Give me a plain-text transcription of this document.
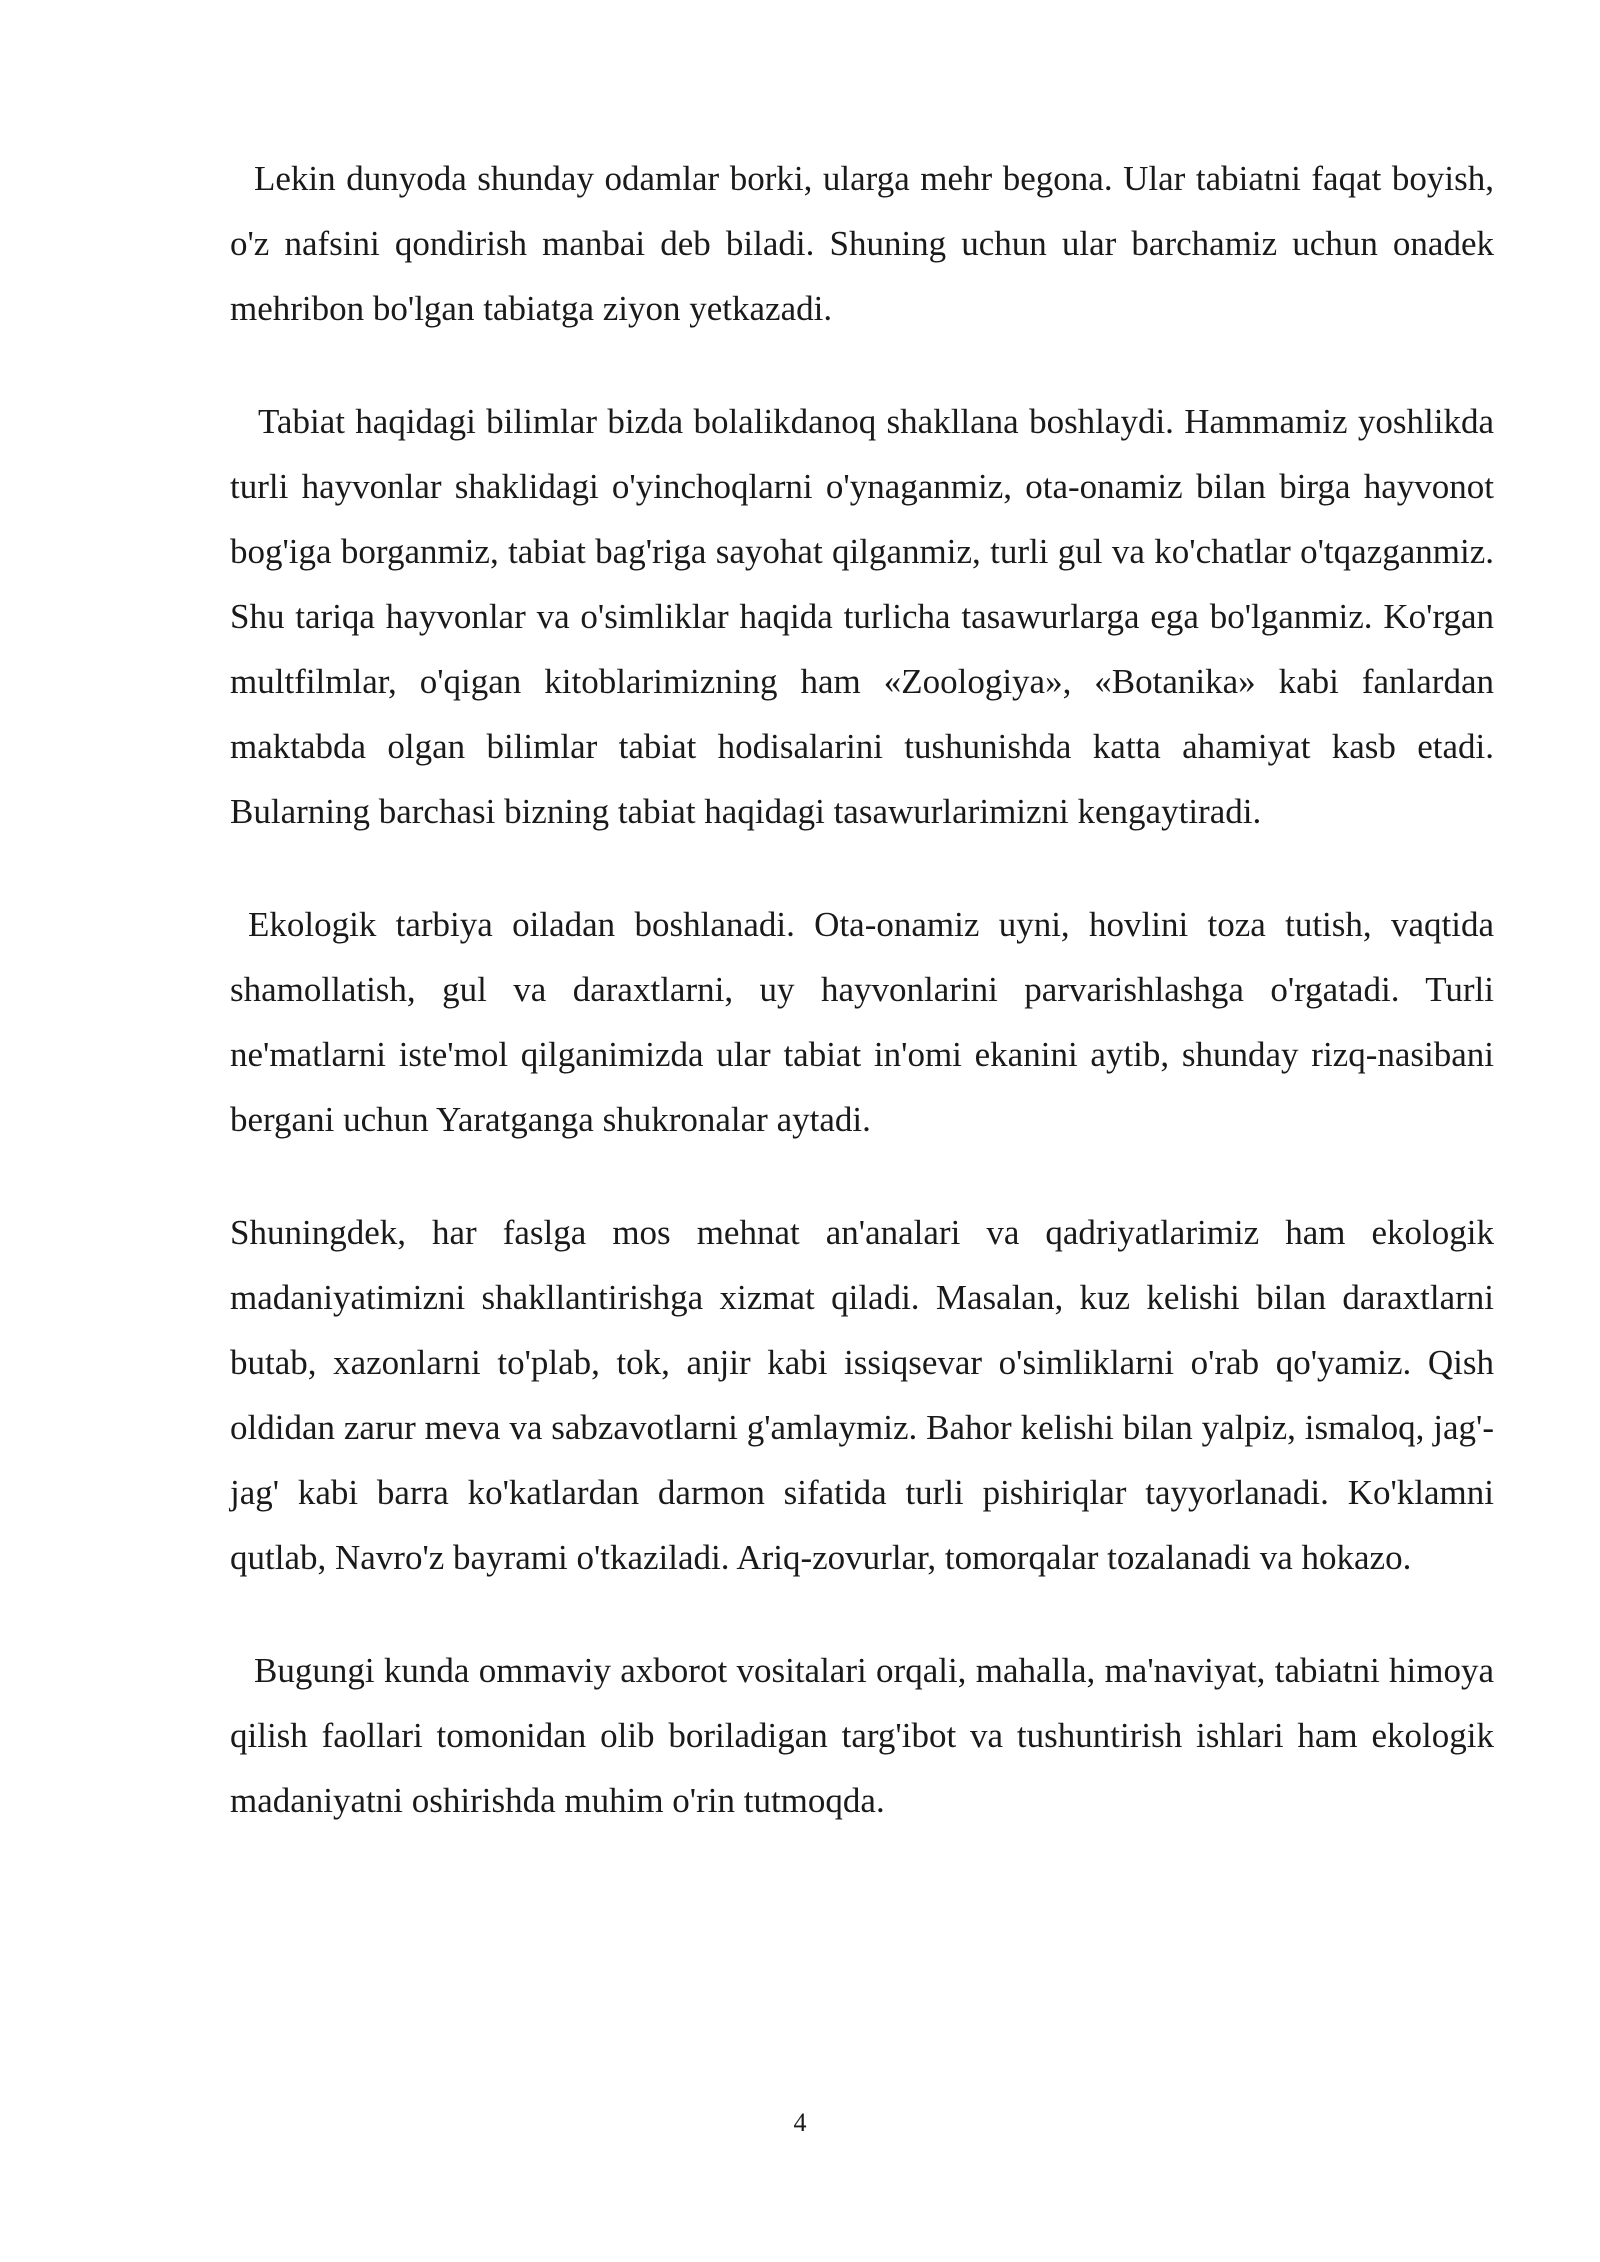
Lekin dunyoda shunday odamlar borki, ularga mehr begona. Ular tabiatni faqat boyish, o'z nafsini qondirish manbai deb biladi. Shuning uchun ular barchamiz uchun onadek mehribon bo'lgan tabiatga ziyon yetkazadi.

Tabiat haqidagi bilimlar bizda bolalikdanoq shakllana boshlaydi. Hammamiz yoshlikda turli hayvonlar shaklidagi o'yinchoqlarni o'ynaganmiz, ota-onamiz bilan birga hayvonot bog'iga borganmiz, tabiat bag'riga sayohat qilganmiz, turli gul va ko'chatlar o'tqazganmiz. Shu tariqa hayvonlar va o'simliklar haqida turlicha tasawurlarga ega bo'lganmiz. Ko'rgan multfilmlar, o'qigan kitoblarimizning ham «Zoologiya», «Botanika» kabi fanlardan maktabda olgan bilimlar tabiat hodisalarini tushunishda katta ahamiyat kasb etadi. Bularning barchasi bizning tabiat haqidagi tasawurlarimizni kengaytiradi.

Ekologik tarbiya oiladan boshlanadi. Ota-onamiz uyni, hovlini toza tutish, vaqtida shamollatish, gul va daraxtlarni, uy hayvonlarini parvarishlashga o'rgatadi. Turli ne'matlarni iste'mol qilganimizda ular tabiat in'omi ekanini aytib, shunday rizq-nasibani bergani uchun Yaratganga shukronalar aytadi.

Shuningdek, har faslga mos mehnat an'analari va qadriyatlarimiz ham ekologik madaniyatimizni shakllantirishga xizmat qiladi. Masalan, kuz kelishi bilan daraxtlarni butab, xazonlarni to'plab, tok, anjir kabi issiqsevar o'simliklarni o'rab qo'yamiz. Qish oldidan zarur meva va sabzavotlarni g'amlaymiz. Bahor kelishi bilan yalpiz, ismaloq, jag'-jag' kabi barra ko'katlardan darmon sifatida turli pishiriqlar tayyorlanadi. Ko'klamni qutlab, Navro'z bayrami o'tkaziladi. Ariq-zovurlar, tomorqalar tozalanadi va hokazo.

Bugungi kunda ommaviy axborot vositalari orqali, mahalla, ma'naviyat, tabiatni himoya qilish faollari tomonidan olib boriladigan targ'ibot va tushuntirish ishlari ham ekologik madaniyatni oshirishda muhim o'rin tutmoqda.

4
